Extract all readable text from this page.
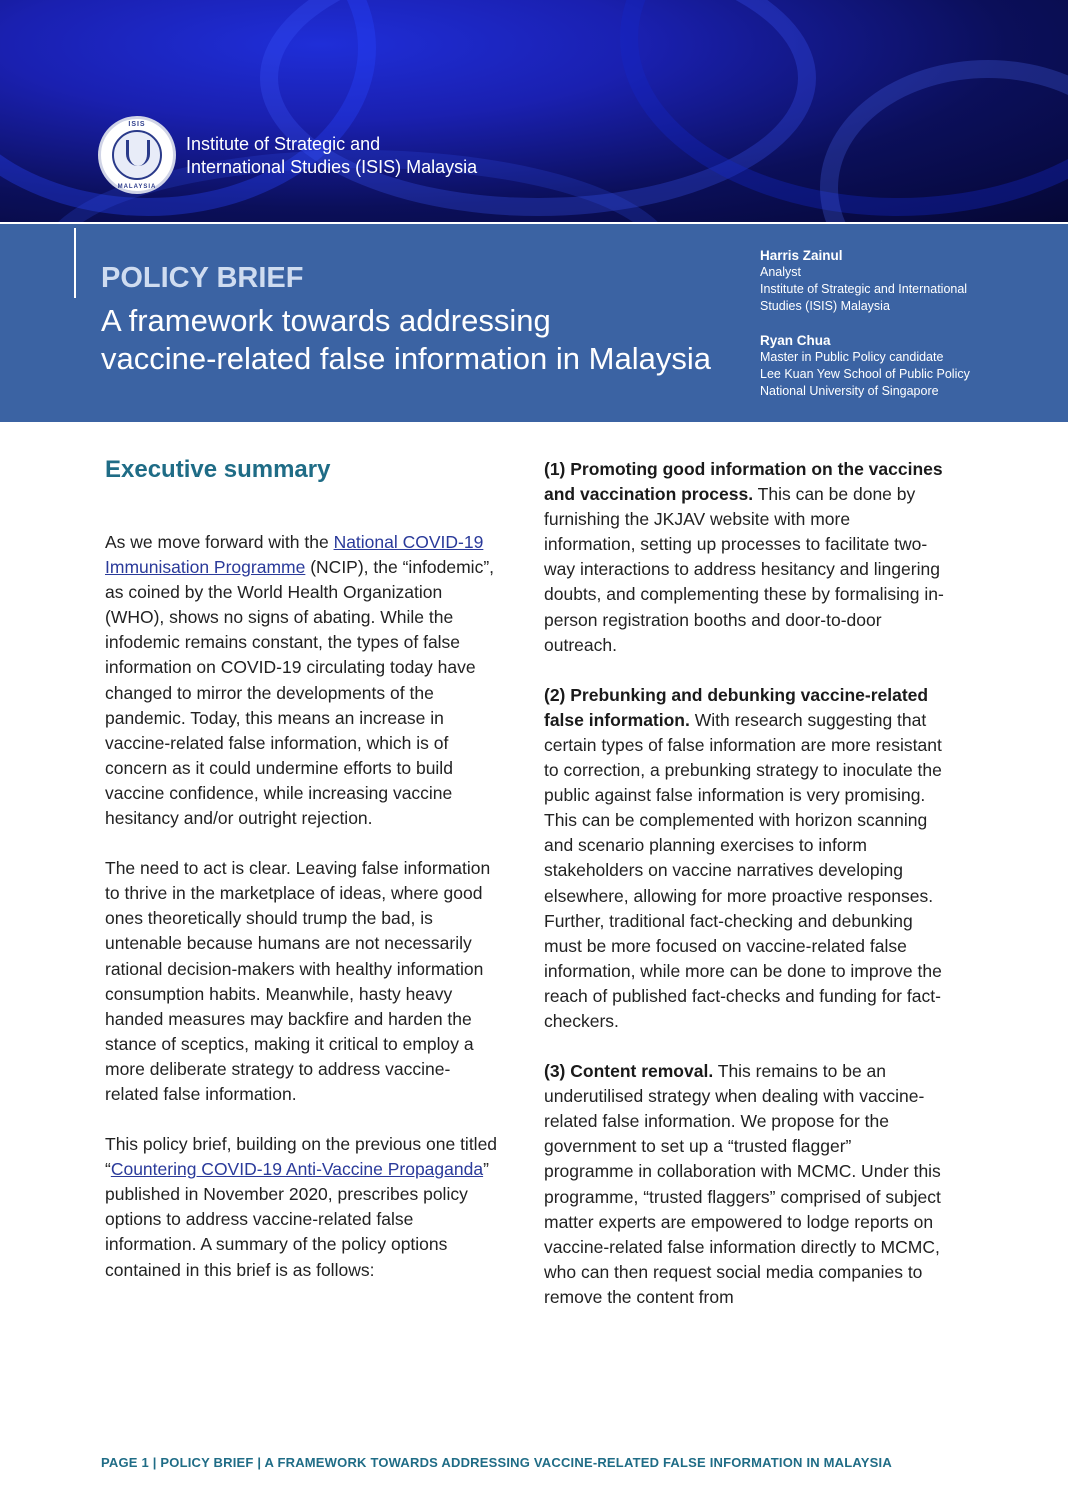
ISIS
MALAYSIA
Institute of Strategic and
International Studies (ISIS) Malaysia
POLICY BRIEF
A framework towards addressing
vaccine-related false information in Malaysia
Harris Zainul
Analyst
Institute of Strategic and International
Studies (ISIS) Malaysia
Ryan Chua
Master in Public Policy candidate
Lee Kuan Yew School of Public Policy
National University of Singapore
Executive summary

As we move forward with the National COVID-19 Immunisation Programme (NCIP), the “infodemic”, as coined by the World Health Organization (WHO), shows no signs of abating. While the infodemic remains constant, the types of false information on COVID-19 circulating today have changed to mirror the developments of the pandemic. Today, this means an increase in vaccine-related false information, which is of concern as it could undermine efforts to build vaccine confidence, while increasing vaccine hesitancy and/or outright rejection.

The need to act is clear. Leaving false information to thrive in the marketplace of ideas, where good ones theoretically should trump the bad, is untenable because humans are not necessarily rational decision-makers with healthy information consumption habits. Meanwhile, hasty heavy handed measures may backfire and harden the stance of sceptics, making it critical to employ a more deliberate strategy to address vaccine-related false information.

This policy brief, building on the previous one titled “Countering COVID-19 Anti-Vaccine Propaganda” published in November 2020, prescribes policy options to address vaccine-related false information. A summary of the policy options contained in this brief is as follows:

(1) Promoting good information on the vaccines and vaccination process. This can be done by furnishing the JKJAV website with more information, setting up processes to facilitate two-way interactions to address hesitancy and lingering doubts, and complementing these by formalising in-person registration booths and door-to-door outreach.

(2) Prebunking and debunking vaccine-related false information. With research suggesting that certain types of false information are more resistant to correction, a prebunking strategy to inoculate the public against false information is very promising. This can be complemented with horizon scanning and scenario planning exercises to inform stakeholders on vaccine narratives developing elsewhere, allowing for more proactive responses. Further, traditional fact-checking and debunking must be more focused on vaccine-related false information, while more can be done to improve the reach of published fact-checks and funding for fact-checkers.

(3) Content removal. This remains to be an underutilised strategy when dealing with vaccine-related false information. We propose for the government to set up a “trusted flagger” programme in collaboration with MCMC. Under this programme, “trusted flaggers” comprised of subject matter experts are empowered to lodge reports on vaccine-related false information directly to MCMC, who can then request social media companies to remove the content from

PAGE 1 | POLICY BRIEF | A FRAMEWORK TOWARDS ADDRESSING VACCINE-RELATED FALSE INFORMATION IN MALAYSIA
